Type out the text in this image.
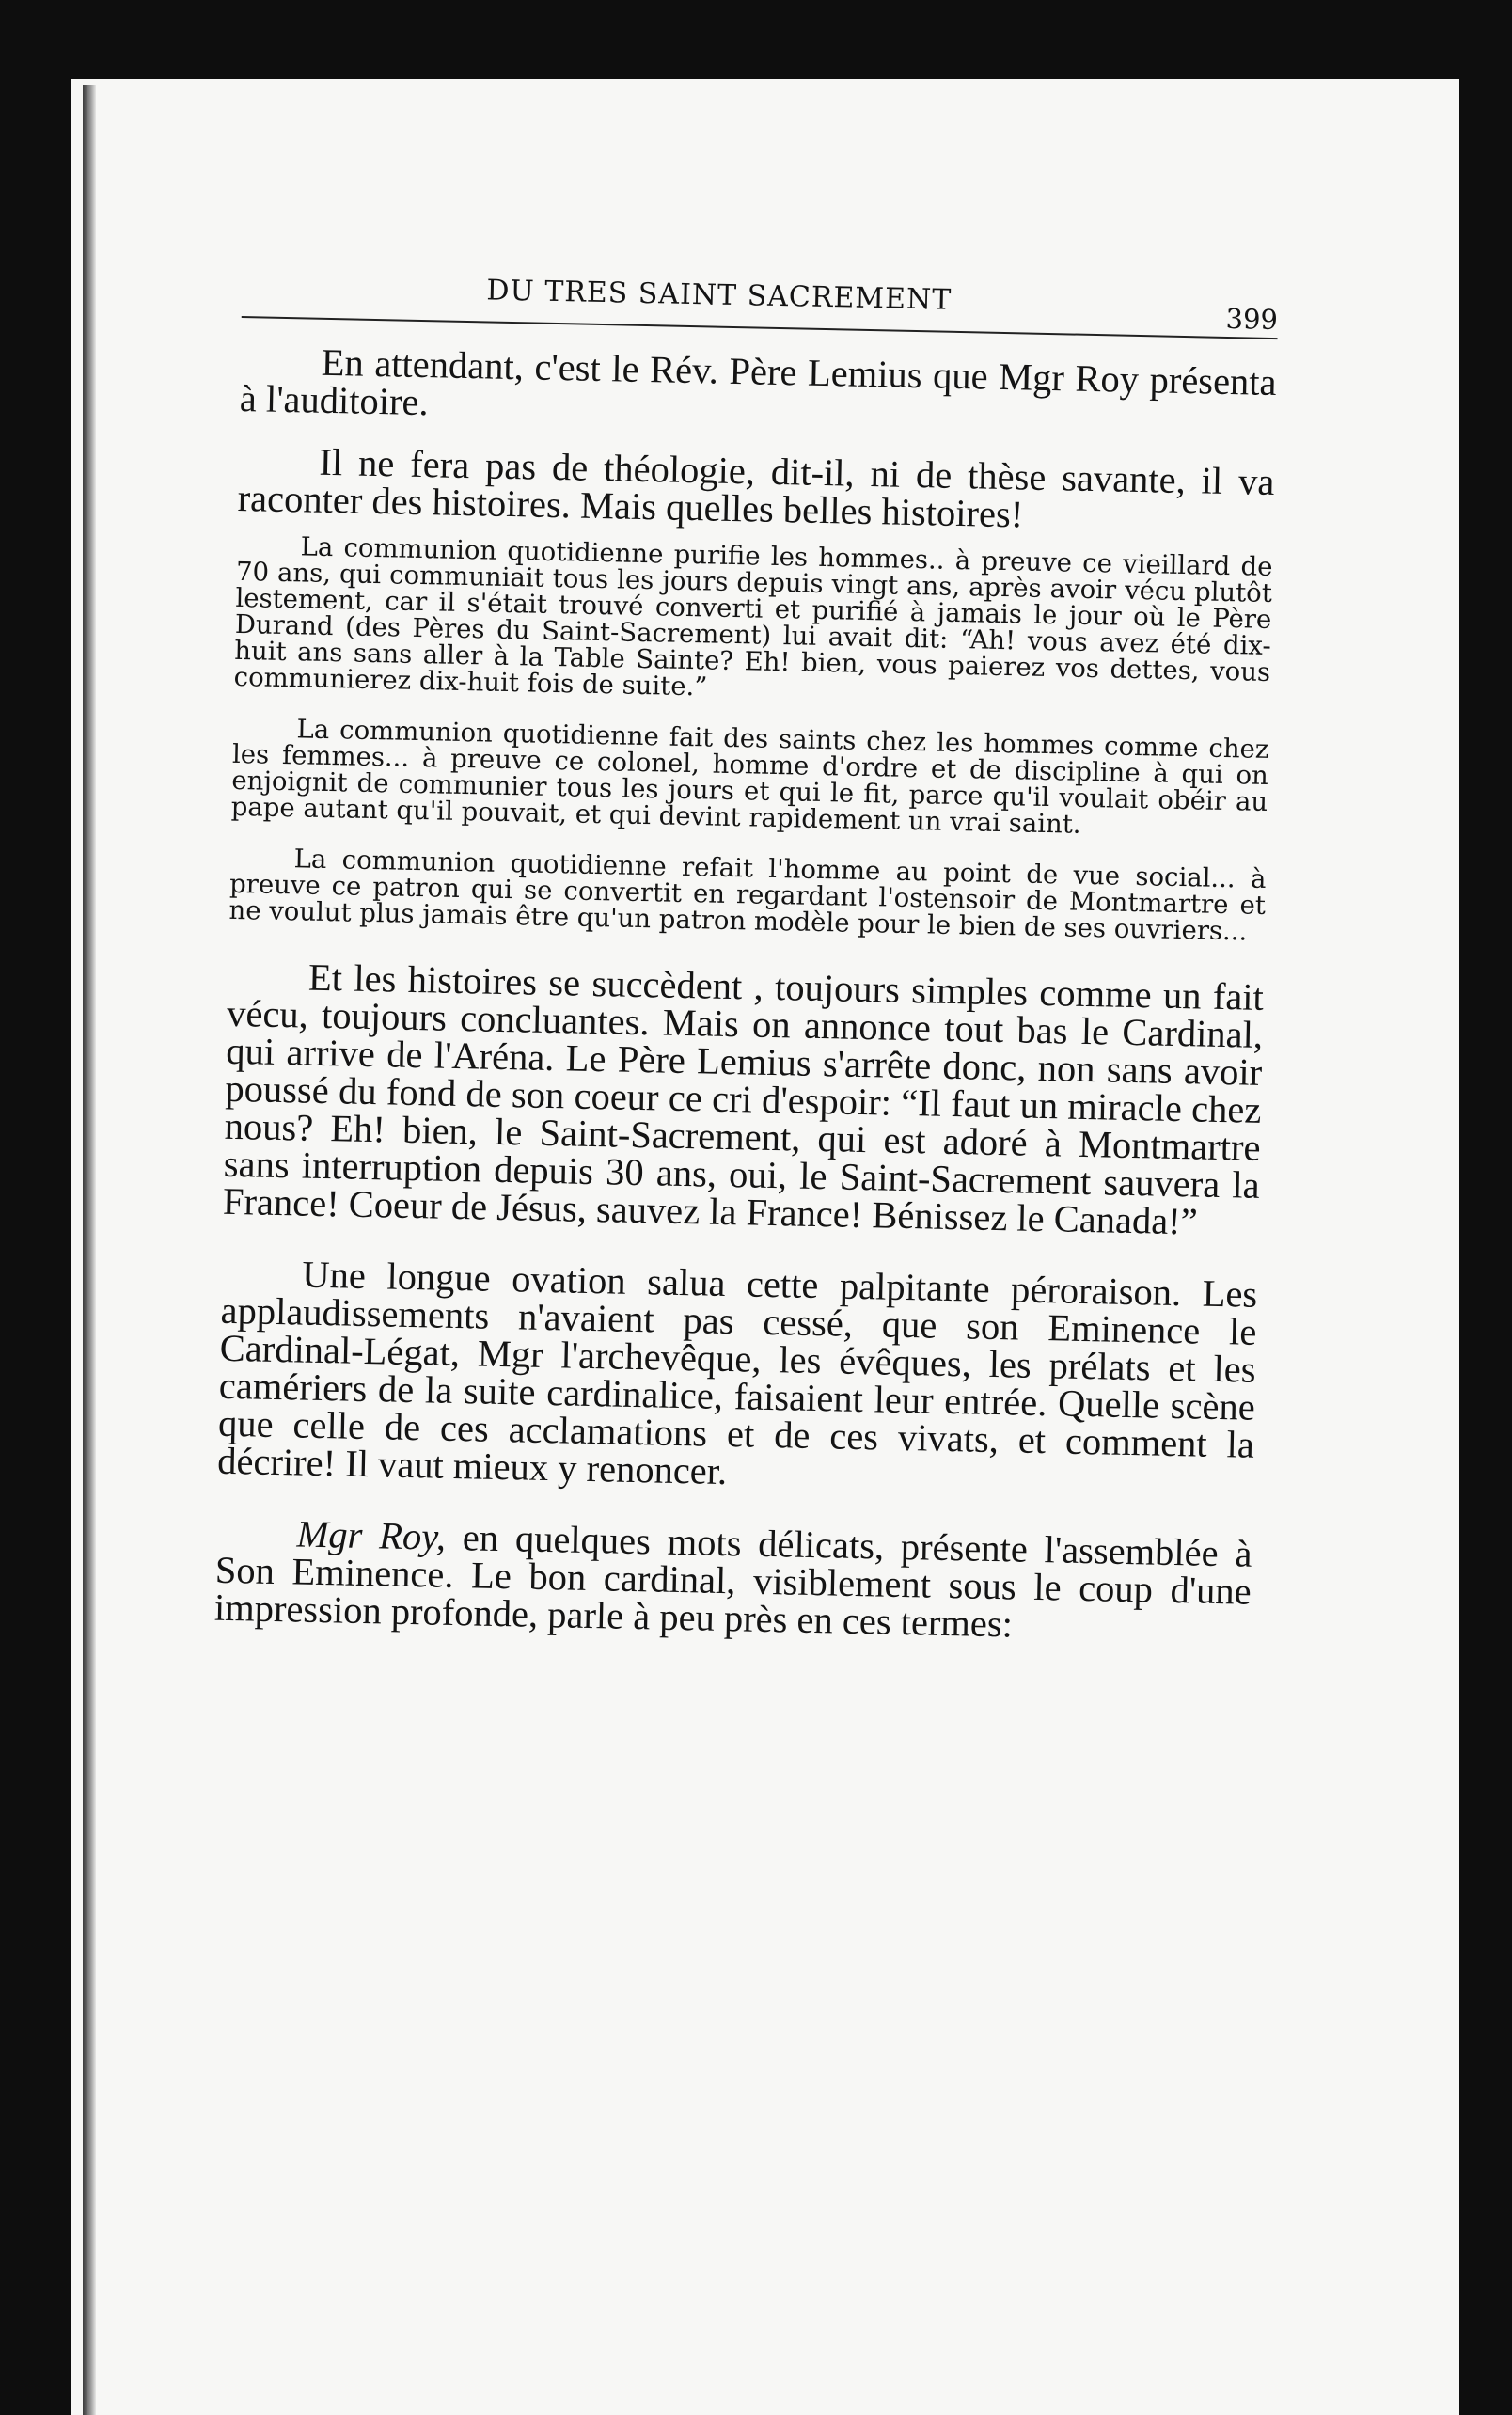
DU TRES SAINT SACREMENT
399

En attendant, c'est le Rév. Père Lemius que Mgr Roy présenta à l'auditoire.

Il ne fera pas de théologie, dit-il, ni de thèse savante, il va raconter des histoires. Mais quelles belles histoires!

La communion quotidienne purifie les hommes.. à preuve ce vieillard de 70 ans, qui communiait tous les jours depuis vingt ans, après avoir vécu plutôt lestement, car il s'était trouvé converti et purifié à jamais le jour où le Père Durand (des Pères du Saint-Sacrement) lui avait dit: “Ah! vous avez été dix-huit ans sans aller à la Table Sainte? Eh! bien, vous paierez vos dettes, vous communierez dix-huit fois de suite.”

La communion quotidienne fait des saints chez les hommes comme chez les femmes... à preuve ce colonel, homme d'ordre et de discipline à qui on enjoignit de communier tous les jours et qui le fit, parce qu'il voulait obéir au pape autant qu'il pouvait, et qui devint rapidement un vrai saint.

La communion quotidienne refait l'homme au point de vue social... à preuve ce patron qui se convertit en regardant l'ostensoir de Montmartre et ne voulut plus jamais être qu'un patron modèle pour le bien de ses ouvriers...

Et les histoires se succèdent , toujours simples comme un fait vécu, toujours concluantes. Mais on annonce tout bas le Cardinal, qui arrive de l'Aréna. Le Père Lemius s'arrête donc, non sans avoir poussé du fond de son coeur ce cri d'espoir: “Il faut un miracle chez nous? Eh! bien, le Saint-Sacrement, qui est adoré à Montmartre sans interruption depuis 30 ans, oui, le Saint-Sacrement sauvera la France! Coeur de Jésus, sauvez la France! Bénissez le Canada!”

Une longue ovation salua cette palpitante péroraison. Les applaudissements n'avaient pas cessé, que son Eminence le Cardinal-Légat, Mgr l'archevêque, les évêques, les prélats et les camériers de la suite cardinalice, faisaient leur entrée. Quelle scène que celle de ces acclamations et de ces vivats, et comment la décrire! Il vaut mieux y renoncer.

Mgr Roy, en quelques mots délicats, présente l'assemblée à Son Eminence. Le bon cardinal, visiblement sous le coup d'une impression profonde, parle à peu près en ces termes:
